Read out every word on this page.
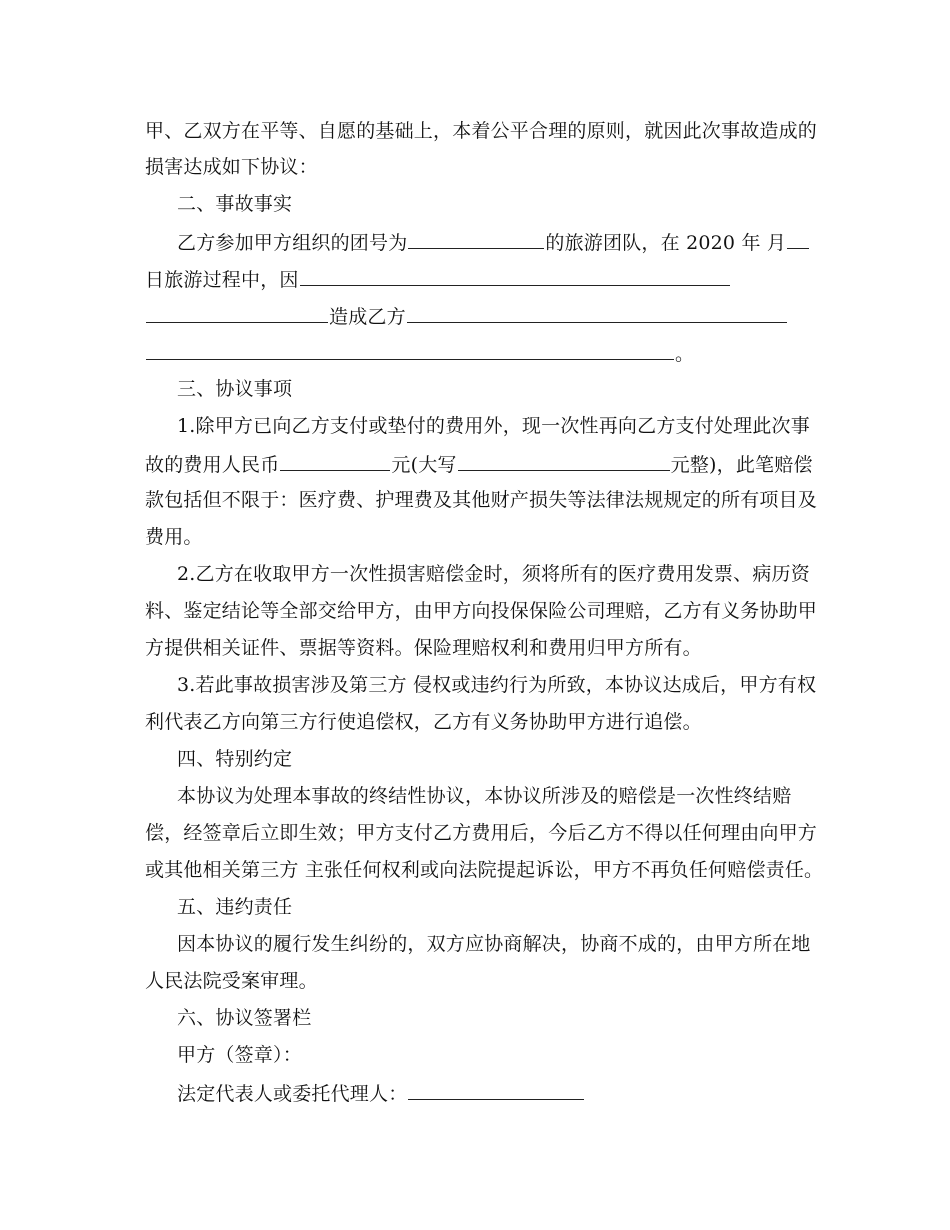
甲、乙双方在平等、自愿的基础上，本着公平合理的原则，就因此次事故造成的
损害达成如下协议：
二、事故事实
乙方参加甲方组织的团号为	的旅游团队，在 2020 年 月
日旅游过程中，因
造成乙方
。
三、协议事项
1.除甲方已向乙方支付或垫付的费用外，现一次性再向乙方支付处理此次事
故的费用人民币	元(大写	元整)，此笔赔偿
款包括但不限于：医疗费、护理费及其他财产损失等法律法规规定的所有项目及
费用。
2.乙方在收取甲方一次性损害赔偿金时，须将所有的医疗费用发票、病历资
料、鉴定结论等全部交给甲方，由甲方向投保保险公司理赔，乙方有义务协助甲
方提供相关证件、票据等资料。保险理赔权利和费用归甲方所有。
3.若此事故损害涉及第三方 侵权或违约行为所致，本协议达成后，甲方有权
利代表乙方向第三方行使追偿权，乙方有义务协助甲方进行追偿。
四、特别约定
本协议为处理本事故的终结性协议，本协议所涉及的赔偿是一次性终结赔
偿，经签章后立即生效；甲方支付乙方费用后，今后乙方不得以任何理由向甲方
或其他相关第三方 主张任何权利或向法院提起诉讼，甲方不再负任何赔偿责任。
五、违约责任
因本协议的履行发生纠纷的，双方应协商解决，协商不成的，由甲方所在地
人民法院受案审理。
六、协议签署栏
甲方（签章）：
法定代表人或委托代理人：
